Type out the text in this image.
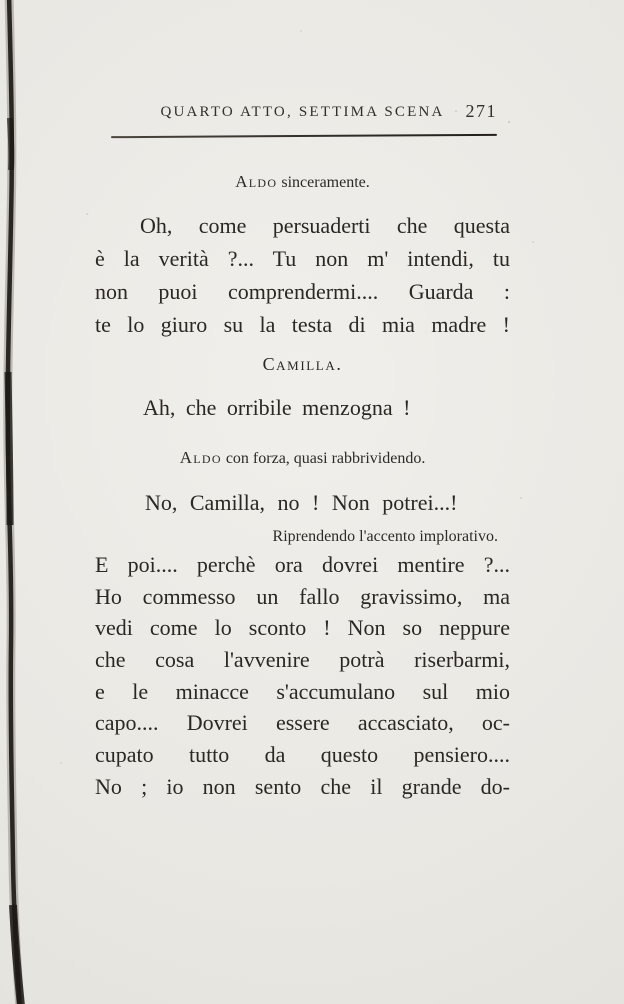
QUARTO ATTO, SETTIMA SCENA 271
Aldo sinceramente.
Oh, come persuaderti che questa
è la verità ?... Tu non m' intendi, tu
non puoi comprendermi.... Guarda :
te lo giuro su la testa di mia madre !
Camilla.
Ah, che orribile menzogna !
Aldo con forza, quasi rabbrividendo.
No, Camilla, no ! Non potrei...!
Riprendendo l'accento implorativo.
E poi.... perchè ora dovrei mentire ?...
Ho commesso un fallo gravissimo, ma
vedi come lo sconto ! Non so neppure
che cosa l'avvenire potrà riserbarmi,
e le minacce s'accumulano sul mio
capo.... Dovrei essere accasciato, oc-
cupato tutto da questo pensiero....
No ; io non sento che il grande do-
